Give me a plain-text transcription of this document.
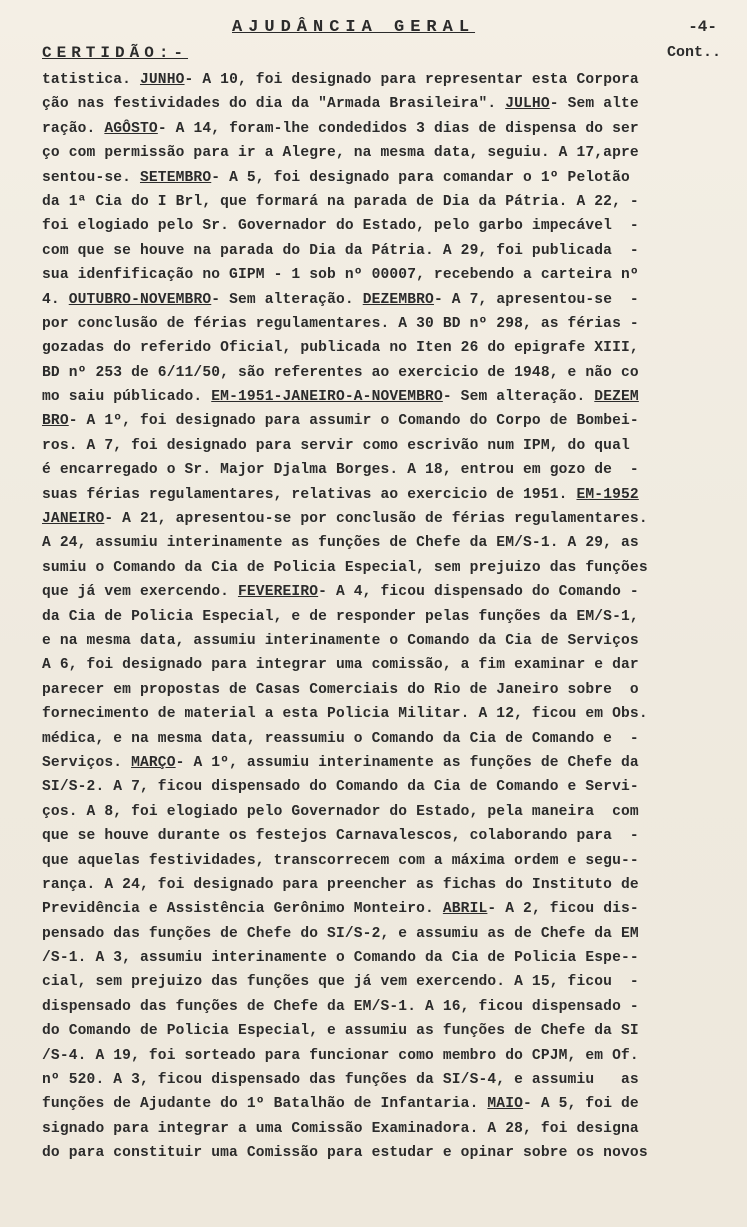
AJUDÂNCIA GERAL	-4-
CERTIDÃO:-	Cont..
tatistica. JUNHO- A 10, foi designado para representar esta Corpora
ção nas festividades do dia da "Armada Brasileira". JULHO- Sem alte
ração. AGÔSTO- A 14, foram-lhe condedidos 3 dias de dispensa do ser
ço com permissão para ir a Alegre, na mesma data, seguiu. A 17,apre
sentou-se. SETEMBRO- A 5, foi designado para comandar o 1º Pelotão
da 1ª Cia do I Brl, que formará na parada de Dia da Pátria. A 22, -
foi elogiado pelo Sr. Governador do Estado, pelo garbo impecável  -
com que se houve na parada do Dia da Pátria. A 29, foi publicada  -
sua idenfificação no GIPM - 1 sob nº 00007, recebendo a carteira nº
4. OUTUBRO-NOVEMBRO- Sem alteração. DEZEMBRO- A 7, apresentou-se  -
por conclusão de férias regulamentares. A 30 BD nº 298, as férias -
gozadas do referido Oficial, publicada no Iten 26 do epigrafe XIII,
BD nº 253 de 6/11/50, são referentes ao exercicio de 1948, e não co
mo saiu públicado. EM-1951-JANEIRO-A-NOVEMBRO- Sem alteração. DEZEM
BRO- A 1º, foi designado para assumir o Comando do Corpo de Bombei-
ros. A 7, foi designado para servir como escrivão num IPM, do qual
é encarregado o Sr. Major Djalma Borges. A 18, entrou em gozo de  -
suas férias regulamentares, relativas ao exercicio de 1951. EM-1952
JANEIRO- A 21, apresentou-se por conclusão de férias regulamentares.
A 24, assumiu interinamente as funções de Chefe da EM/S-1. A 29, as
sumiu o Comando da Cia de Policia Especial, sem prejuizo das funções
que já vem exercendo. FEVEREIRO- A 4, ficou dispensado do Comando -
da Cia de Policia Especial, e de responder pelas funções da EM/S-1,
e na mesma data, assumiu interinamente o Comando da Cia de Serviços
A 6, foi designado para integrar uma comissão, a fim examinar e dar
parecer em propostas de Casas Comerciais do Rio de Janeiro sobre  o
fornecimento de material a esta Policia Militar. A 12, ficou em Obs.
médica, e na mesma data, reassumiu o Comando da Cia de Comando e  -
Serviços. MARÇO- A 1º, assumiu interinamente as funções de Chefe da
SI/S-2. A 7, ficou dispensado do Comando da Cia de Comando e Servi-
ços. A 8, foi elogiado pelo Governador do Estado, pela maneira  com
que se houve durante os festejos Carnavalescos, colaborando para  -
que aquelas festividades, transcorrecem com a máxima ordem e segu--
rança. A 24, foi designado para preencher as fichas do Instituto de
Previdência e Assistência Gerônimo Monteiro. ABRIL- A 2, ficou dis-
pensado das funções de Chefe do SI/S-2, e assumiu as de Chefe da EM
/S-1. A 3, assumiu interinamente o Comando da Cia de Policia Espe--
cial, sem prejuizo das funções que já vem exercendo. A 15, ficou  -
dispensado das funções de Chefe da EM/S-1. A 16, ficou dispensado -
do Comando de Policia Especial, e assumiu as funções de Chefe da SI
/S-4. A 19, foi sorteado para funcionar como membro do CPJM, em Of.
nº 520. A 3, ficou dispensado das funções da SI/S-4, e assumiu   as
funções de Ajudante do 1º Batalhão de Infantaria. MAIO- A 5, foi de
signado para integrar a uma Comissão Examinadora. A 28, foi designa
do para constituir uma Comissão para estudar e opinar sobre os novos
